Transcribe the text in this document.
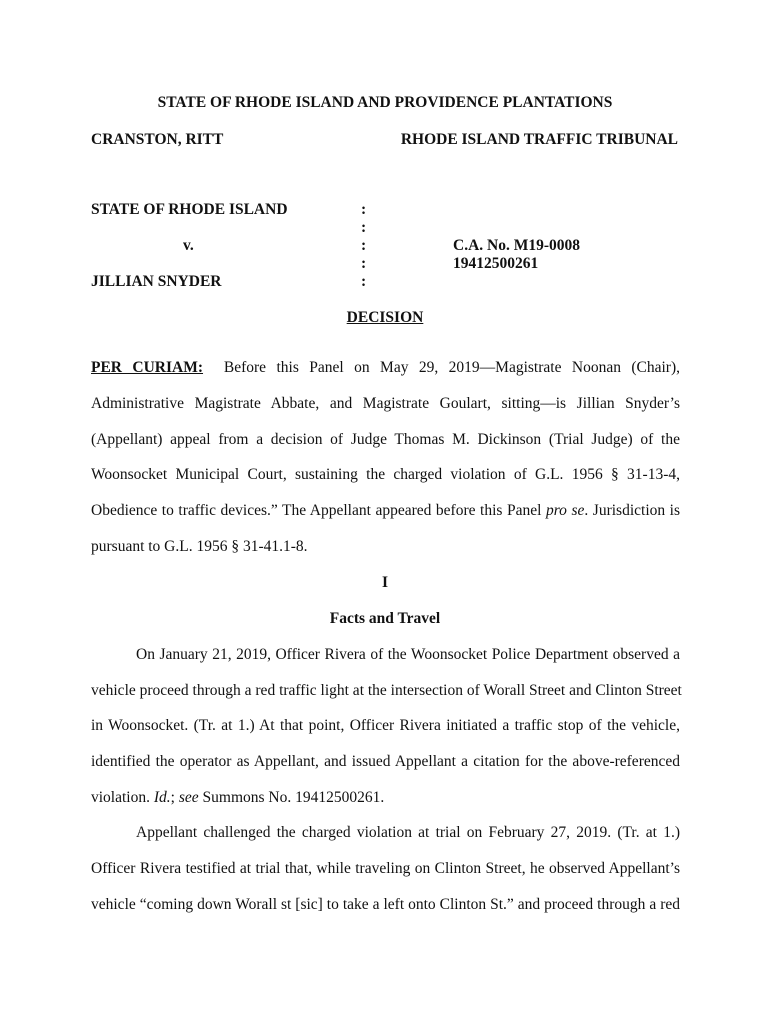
STATE OF RHODE ISLAND AND PROVIDENCE PLANTATIONS
CRANSTON, RITT	RHODE ISLAND TRAFFIC TRIBUNAL
STATE OF RHODE ISLAND
v.
JILLIAN SNYDER
:
:
:
:
:
C.A. No. M19-0008
19412500261
DECISION
PER CURIAM: Before this Panel on May 29, 2019—Magistrate Noonan (Chair),
Administrative Magistrate Abbate, and Magistrate Goulart, sitting—is Jillian Snyder’s
(Appellant) appeal from a decision of Judge Thomas M. Dickinson (Trial Judge) of the
Woonsocket Municipal Court, sustaining the charged violation of G.L. 1956 § 31-13-4,
Obedience to traffic devices.” The Appellant appeared before this Panel pro se. Jurisdiction is
pursuant to G.L. 1956 § 31-41.1-8.
I
Facts and Travel
On January 21, 2019, Officer Rivera of the Woonsocket Police Department observed a
vehicle proceed through a red traffic light at the intersection of Worall Street and Clinton Street
in Woonsocket. (Tr. at 1.) At that point, Officer Rivera initiated a traffic stop of the vehicle,
identified the operator as Appellant, and issued Appellant a citation for the above-referenced
violation. Id.; see Summons No. 19412500261.
Appellant challenged the charged violation at trial on February 27, 2019. (Tr. at 1.)
Officer Rivera testified at trial that, while traveling on Clinton Street, he observed Appellant’s
vehicle “coming down Worall st [sic] to take a left onto Clinton St.” and proceed through a red
